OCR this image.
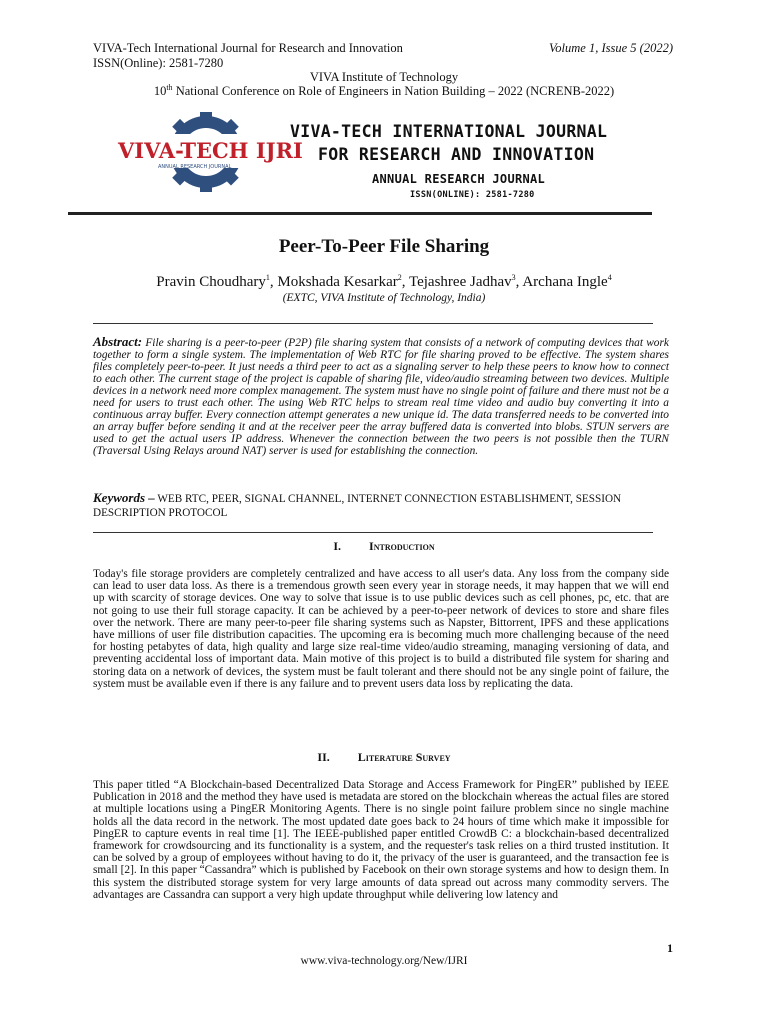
VIVA-Tech International Journal for Research and Innovation
ISSN(Online): 2581-7280
Volume 1, Issue 5 (2022)
VIVA Institute of Technology
10th National Conference on Role of Engineers in Nation Building – 2022 (NCRENB-2022)
VIVA-TECH IJRI
ANNUAL RESEARCH JOURNAL
VIVA-TECH INTERNATIONAL JOURNAL
FOR RESEARCH AND INNOVATION
ANNUAL RESEARCH JOURNAL
ISSN(ONLINE): 2581-7280
Peer-To-Peer File Sharing
Pravin Choudhary$^1$, Mokshada Kesarkar$^2$, Tejashree Jadhav$^3$, Archana Ingle$^4$
(EXTC, VIVA Institute of Technology, India)
Abstract: File sharing is a peer-to-peer (P2P) file sharing system that consists of a network of computing devices that work together to form a single system. The implementation of Web RTC for file sharing proved to be effective. The system shares files completely peer-to-peer. It just needs a third peer to act as a signaling server to help these peers to know how to connect to each other. The current stage of the project is capable of sharing file, video/audio streaming between two devices. Multiple devices in a network need more complex management. The system must have no single point of failure and there must not be a need for users to trust each other. The using Web RTC helps to stream real time video and audio buy converting it into a continuous array buffer. Every connection attempt generates a new unique id. The data transferred needs to be converted into an array buffer before sending it and at the receiver peer the array buffered data is converted into blobs. STUN servers are used to get the actual users IP address. Whenever the connection between the two peers is not possible then the TURN (Traversal Using Relays around NAT) server is used for establishing the connection.
Keywords – WEB RTC, PEER, SIGNAL CHANNEL, INTERNET CONNECTION ESTABLISHMENT, SESSION DESCRIPTION PROTOCOL
I. Introduction
Today's file storage providers are completely centralized and have access to all user's data. Any loss from the company side can lead to user data loss. As there is a tremendous growth seen every year in storage needs, it may happen that we will end up with scarcity of storage devices. One way to solve that issue is to use public devices such as cell phones, pc, etc. that are not going to use their full storage capacity. It can be achieved by a peer-to-peer network of devices to store and share files over the network. There are many peer-to-peer file sharing systems such as Napster, Bittorrent, IPFS and these applications have millions of user file distribution capacities. The upcoming era is becoming much more challenging because of the need for hosting petabytes of data, high quality and large size real-time video/audio streaming, managing versioning of data, and preventing accidental loss of important data. Main motive of this project is to build a distributed file system for sharing and storing data on a network of devices, the system must be fault tolerant and there should not be any single point of failure, the system must be available even if there is any failure and to prevent users data loss by replicating the data.
II. Literature Survey
This paper titled “A Blockchain-based Decentralized Data Storage and Access Framework for PingER” published by IEEE Publication in 2018 and the method they have used is metadata are stored on the blockchain whereas the actual files are stored at multiple locations using a PingER Monitoring Agents. There is no single point failure problem since no single machine holds all the data record in the network. The most updated date goes back to 24 hours of time which make it impossible for PingER to capture events in real time [1]. The IEEE-published paper entitled CrowdB C: a blockchain-based decentralized framework for crowdsourcing and its functionality is a system, and the requester's task relies on a third trusted institution. It can be solved by a group of employees without having to do it, the privacy of the user is guaranteed, and the transaction fee is small [2]. In this paper “Cassandra” which is published by Facebook on their own storage systems and how to design them. In this system the distributed storage system for very large amounts of data spread out across many commodity servers. The advantages are Cassandra can support a very high update throughput while delivering low latency and
1
www.viva-technology.org/New/IJRI
